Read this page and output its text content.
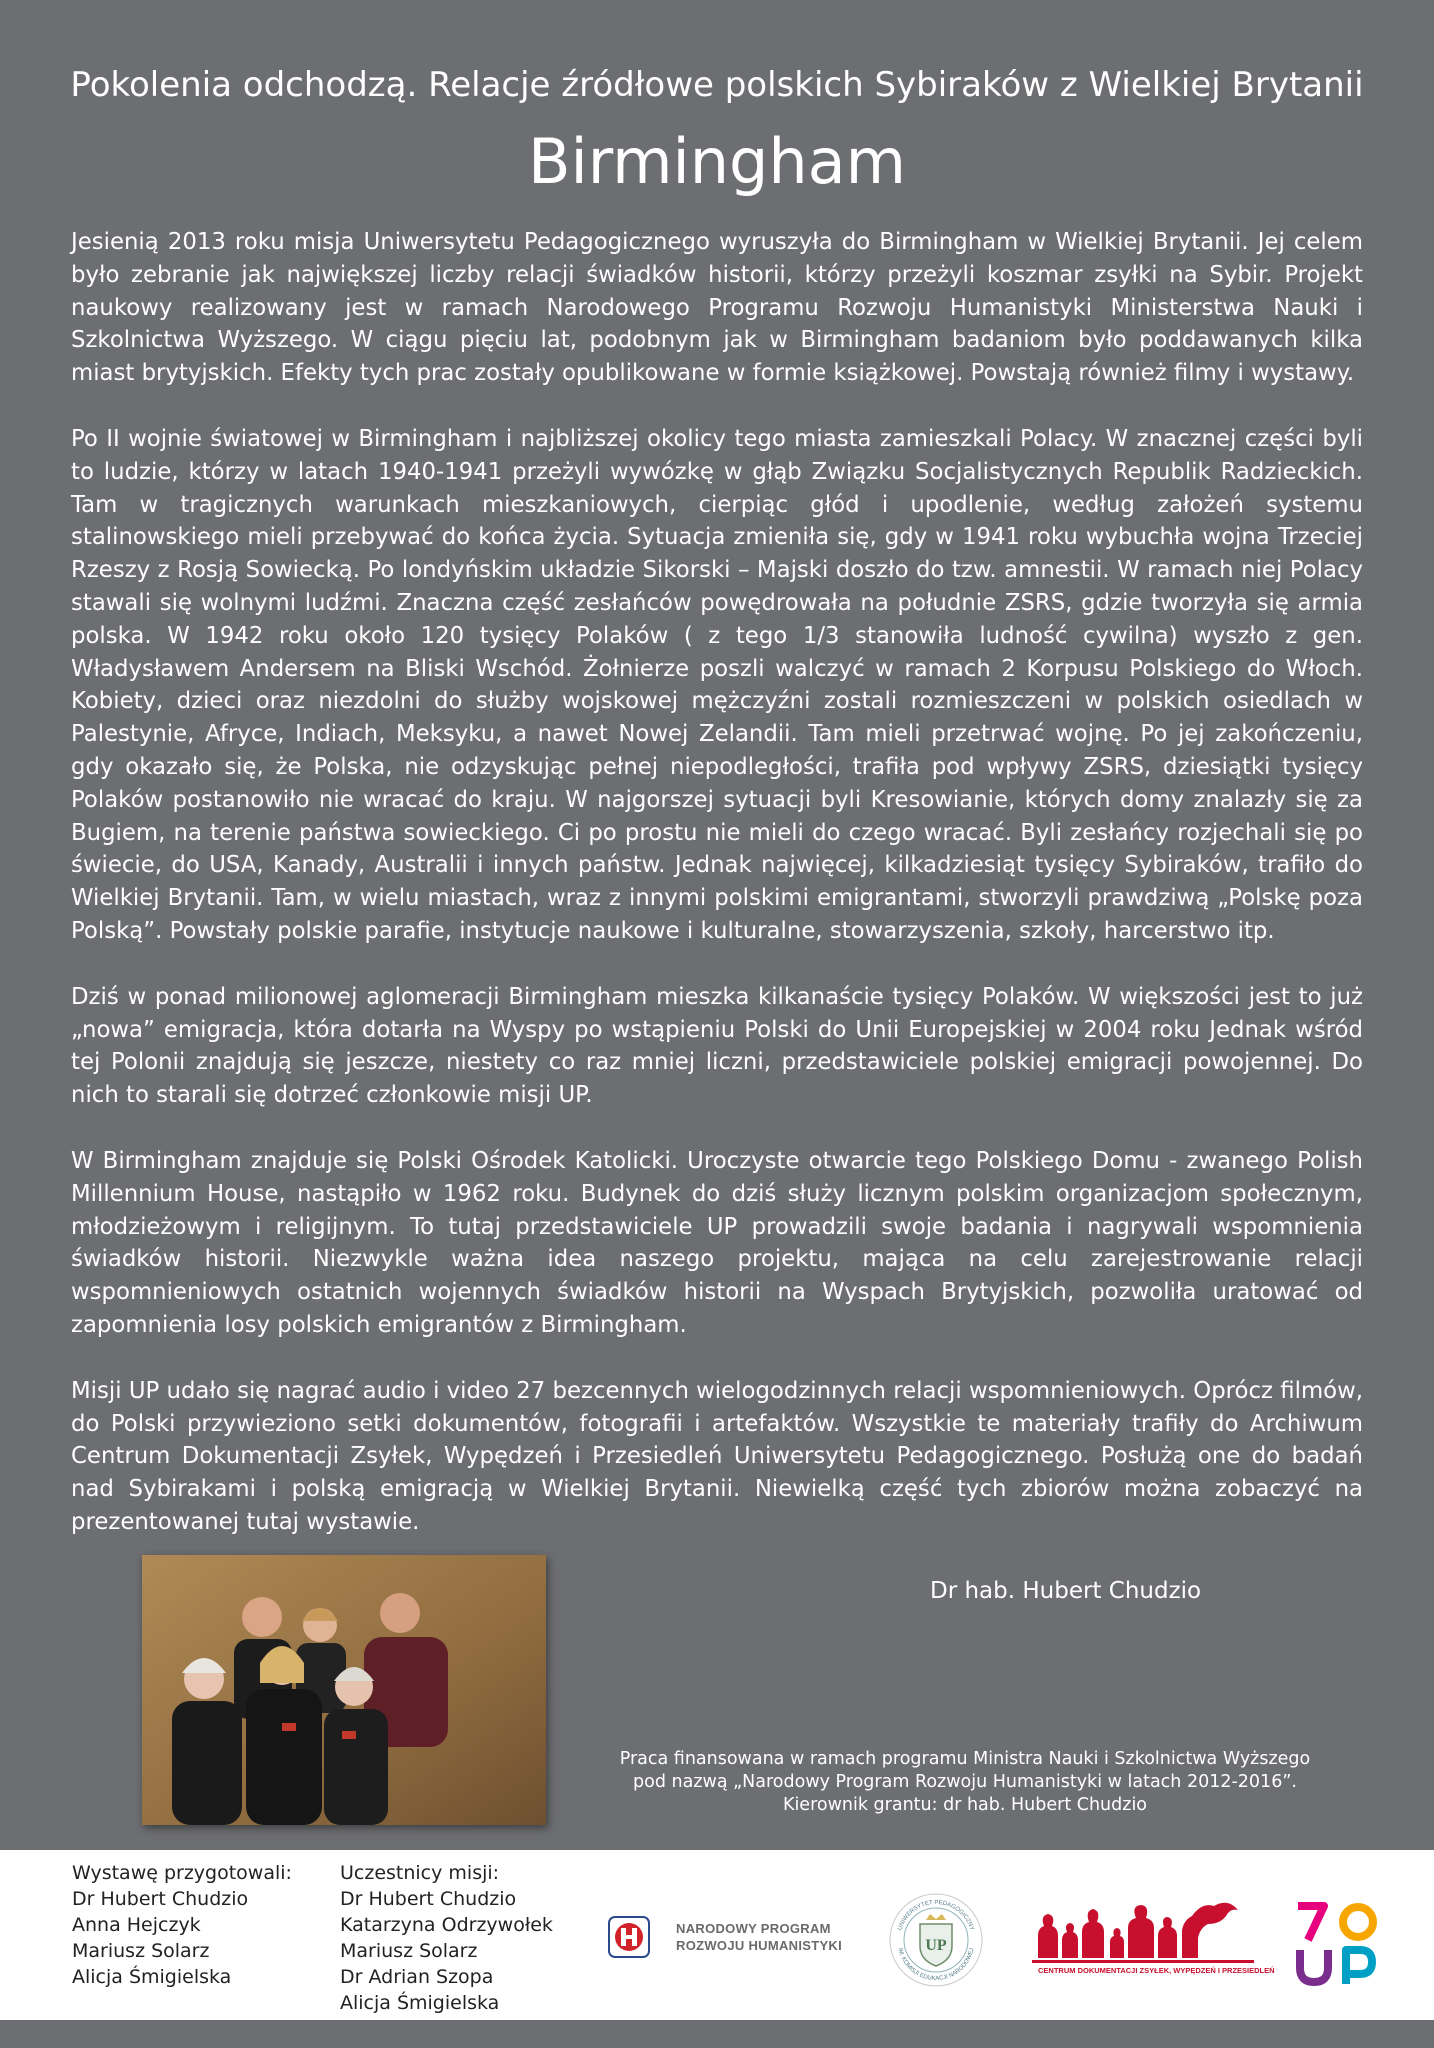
Pokolenia odchodzą. Relacje źródłowe polskich Sybiraków z Wielkiej Brytanii
Birmingham

Jesienią 2013 roku misja Uniwersytetu Pedagogicznego wyruszyła do Birmingham w Wielkiej Brytanii. Jej celem było zebranie jak największej liczby relacji świadków historii, którzy przeżyli koszmar zsyłki na Sybir. Projekt naukowy realizowany jest w ramach Narodowego Programu Rozwoju Humanistyki Ministerstwa Nauki i Szkolnictwa Wyższego. W ciągu pięciu lat, podobnym jak w Birmingham badaniom było poddawanych kilka miast brytyjskich. Efekty tych prac zostały opublikowane w formie książkowej. Powstają również filmy i wystawy.

Po II wojnie światowej w Birmingham i najbliższej okolicy tego miasta zamieszkali Polacy. W znacznej części byli to ludzie, którzy w latach 1940-1941 przeżyli wywózkę w głąb Związku Socjalistycznych Republik Radzieckich. Tam w tragicznych warunkach mieszkaniowych, cierpiąc głód i upodlenie, według założeń systemu stalinowskiego mieli przebywać do końca życia. Sytuacja zmieniła się, gdy w 1941 roku wybuchła wojna Trzeciej Rzeszy z Rosją Sowiecką. Po londyńskim układzie Sikorski – Majski doszło do tzw. amnestii. W ramach niej Polacy stawali się wolnymi ludźmi. Znaczna część zesłańców powędrowała na południe ZSRS, gdzie tworzyła się armia polska. W 1942 roku około 120 tysięcy Polaków ( z tego 1/3 stanowiła ludność cywilna) wyszło z gen. Władysławem Andersem na Bliski Wschód. Żołnierze poszli walczyć w ramach 2 Korpusu Polskiego do Włoch. Kobiety, dzieci oraz niezdolni do służby wojskowej mężczyźni zostali rozmieszczeni w polskich osiedlach w Palestynie, Afryce, Indiach, Meksyku, a nawet Nowej Zelandii. Tam mieli przetrwać wojnę. Po jej zakończeniu, gdy okazało się, że Polska, nie odzyskując pełnej niepodległości, trafiła pod wpływy ZSRS, dziesiątki tysięcy Polaków postanowiło nie wracać do kraju. W najgorszej sytuacji byli Kresowianie, których domy znalazły się za Bugiem, na terenie państwa sowieckiego. Ci po prostu nie mieli do czego wracać. Byli zesłańcy rozjechali się po świecie, do USA, Kanady, Australii i innych państw. Jednak najwięcej, kilkadziesiąt tysięcy Sybiraków, trafiło do Wielkiej Brytanii. Tam, w wielu miastach, wraz z innymi polskimi emigrantami, stworzyli prawdziwą „Polskę poza Polską”. Powstały polskie parafie, instytucje naukowe i kulturalne, stowarzyszenia, szkoły, harcerstwo itp.

Dziś w ponad milionowej aglomeracji Birmingham mieszka kilkanaście tysięcy Polaków. W większości jest to już „nowa” emigracja, która dotarła na Wyspy po wstąpieniu Polski do Unii Europejskiej w 2004 roku Jednak wśród tej Polonii znajdują się jeszcze, niestety co raz mniej liczni, przedstawiciele polskiej emigracji powojennej. Do nich to starali się dotrzeć członkowie misji UP.

W Birmingham znajduje się Polski Ośrodek Katolicki. Uroczyste otwarcie tego Polskiego Domu - zwanego Polish Millennium House, nastąpiło w 1962 roku. Budynek do dziś służy licznym polskim organizacjom społecznym, młodzieżowym i religijnym. To tutaj przedstawiciele UP prowadzili swoje badania i nagrywali wspomnienia świadków historii. Niezwykle ważna idea naszego projektu, mająca na celu zarejestrowanie relacji wspomnieniowych ostatnich wojennych świadków historii na Wyspach Brytyjskich, pozwoliła uratować od zapomnienia losy polskich emigrantów z Birmingham.

Misji UP udało się nagrać audio i video 27 bezcennych wielogodzinnych relacji wspomnieniowych. Oprócz filmów, do Polski przywieziono setki dokumentów, fotografii i artefaktów. Wszystkie te materiały trafiły do Archiwum Centrum Dokumentacji Zsyłek, Wypędzeń i Przesiedleń Uniwersytetu Pedagogicznego. Posłużą one do badań nad Sybirakami i polską emigracją w Wielkiej Brytanii. Niewielką część tych zbiorów można zobaczyć na prezentowanej tutaj wystawie.

Dr hab. Hubert Chudzio
Praca finansowana w ramach programu Ministra Nauki i Szkolnictwa Wyższego
pod nazwą „Narodowy Program Rozwoju Humanistyki w latach 2012-2016”.
Kierownik grantu: dr hab. Hubert Chudzio
Wystawę przygotowali:
Dr Hubert Chudzio
Anna Hejczyk
Mariusz Solarz
Alicja Śmigielska
Uczestnicy misji:
Dr Hubert Chudzio
Katarzyna Odrzywołek
Mariusz Solarz
Dr Adrian Szopa
Alicja Śmigielska
NARODOWY PROGRAM
ROZWOJU HUMANISTYKI
UNIWERSYTET PEDAGOGICZNY
IM. KOMISJI EDUKACJI NARODOWEJ
UP
CENTRUM DOKUMENTACJI ZSYŁEK, WYPĘDZEŃ I PRZESIEDLEŃ
